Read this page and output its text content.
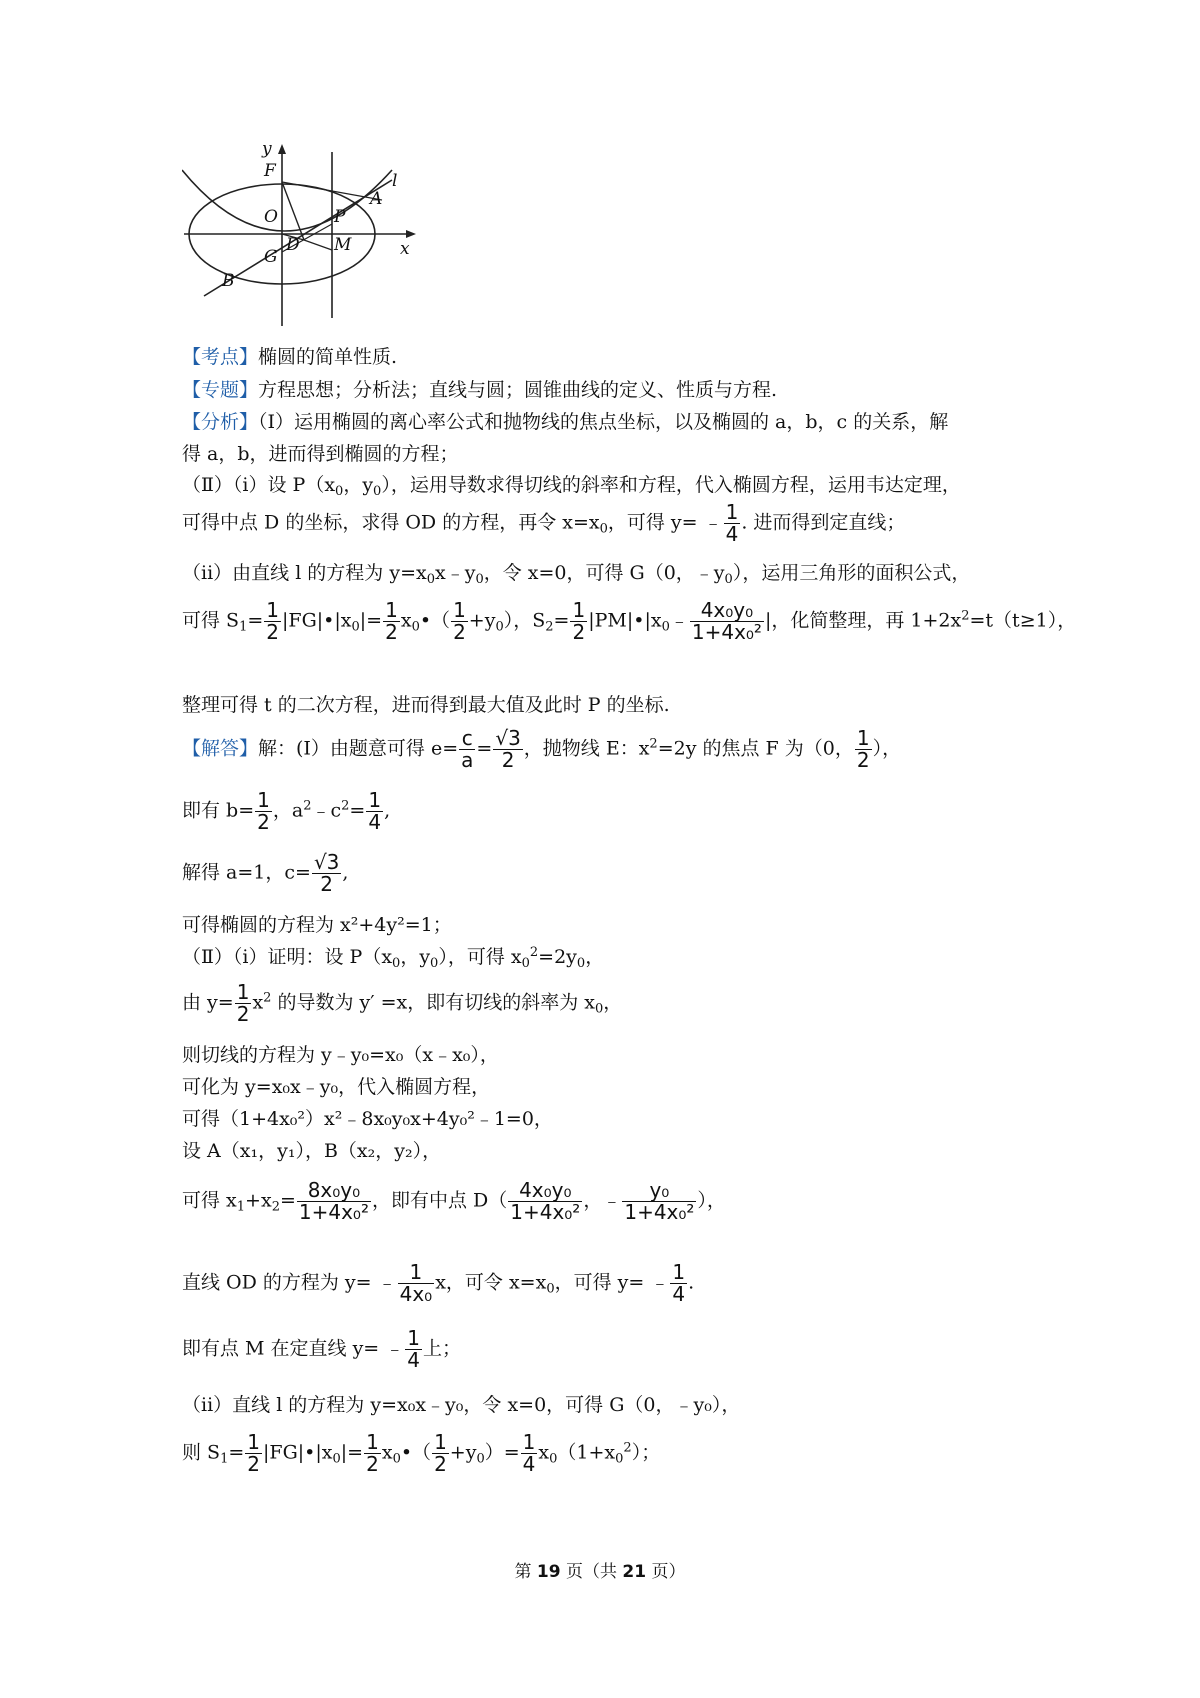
y
x
F
O	P
A
l
D M
G
B
【考点】椭圆的简单性质.
【专题】方程思想；分析法；直线与圆；圆锥曲线的定义、性质与方程.
【分析】（I）运用椭圆的离心率公式和抛物线的焦点坐标，以及椭圆的 a，b，c 的关系，解
得 a，b，进而得到椭圆的方程；
（Ⅱ）（i）设 $P(x_0$，$y_0$），运用导数求得切线的斜率和方程，代入椭圆方程，运用韦达定理，
可得中点 D 的坐标，求得 OD 的方程，再令 $x=x_0$，可得 y= ﹣ $\frac{1}{4}$ . 进而得到定直线；
（ii）由直线 l 的方程为 $y=x_0x﹣y_0$，令 x=0，可得 G（0，$﹣y_0$），运用三角形的面积公式，
可得 $S_1= \frac{1}{2}$ $|FG|•|x_0|= \frac{1}{2}$ $x_0•( \frac{1}{2} +y_0)$，$S_2= \frac{1}{2}$ $|PM|•|x_0﹣ \frac{\text{4x₀y₀}}{\text{1+4x₀²}}$ |，化简整理，再 $1+2x^2=t(t\ge 1)$，
整理可得 t 的二次方程，进而得到最大值及此时 P 的坐标.
【解答】解：(I）由题意可得 $e= \frac{c}{a} = \frac{√3}{2}$ ，抛物线 E：$x^2=2y$ 的焦点 F 为（0， $\frac{1}{2}$ ），
即有 $b= \frac{1}{2}$ ，$a^2﹣c^2= \frac{1}{4}$ ,
解得 a=1，$c= \frac{√3}{2}$ ,
可得椭圆的方程为 x²+4y²=1；
（Ⅱ）（i）证明：设 $P(x_0$，$y_0$），可得 $x_0^2=2y_0$，
由 $y= \frac{1}{2} x^2$ 的导数为 y′ =x，即有切线的斜率为 $x_0$，
则切线的方程为 y﹣y₀=x₀（x﹣x₀），
可化为 y=x₀x﹣y₀，代入椭圆方程，
可得（1+4x₀²）x²﹣8x₀y₀x+4y₀²﹣1=0，
设 A（x₁，y₁），B（x₂，y₂），
可得 $x_1+x_2= \frac{\text{8x₀y₀}}{\text{1+4x₀²}}$ ，即有中点 $D( \frac{\text{4x₀y₀}}{\text{1+4x₀²}}$ ，﹣ $\frac{\text{y₀}}{\text{1+4x₀²}}$ ），
直线 OD 的方程为 y= ﹣ $\frac{1}{\text{4x₀}}$ x，可令 $x=x_0$，可得 y= ﹣ $\frac{1}{4}$ .
即有点 M 在定直线 y= ﹣ $\frac{1}{4}$ 上；
（ii）直线 l 的方程为 y=x₀x﹣y₀，令 x=0，可得 G（0，﹣y₀），
则 $S_1= \frac{1}{2}$ $|FG|•|x_0|= \frac{1}{2}$ $x_0•( \frac{1}{2} +y_0)= \frac{1}{4} x_0(1+x_0^2)$；
第 19 页（共 21 页）
